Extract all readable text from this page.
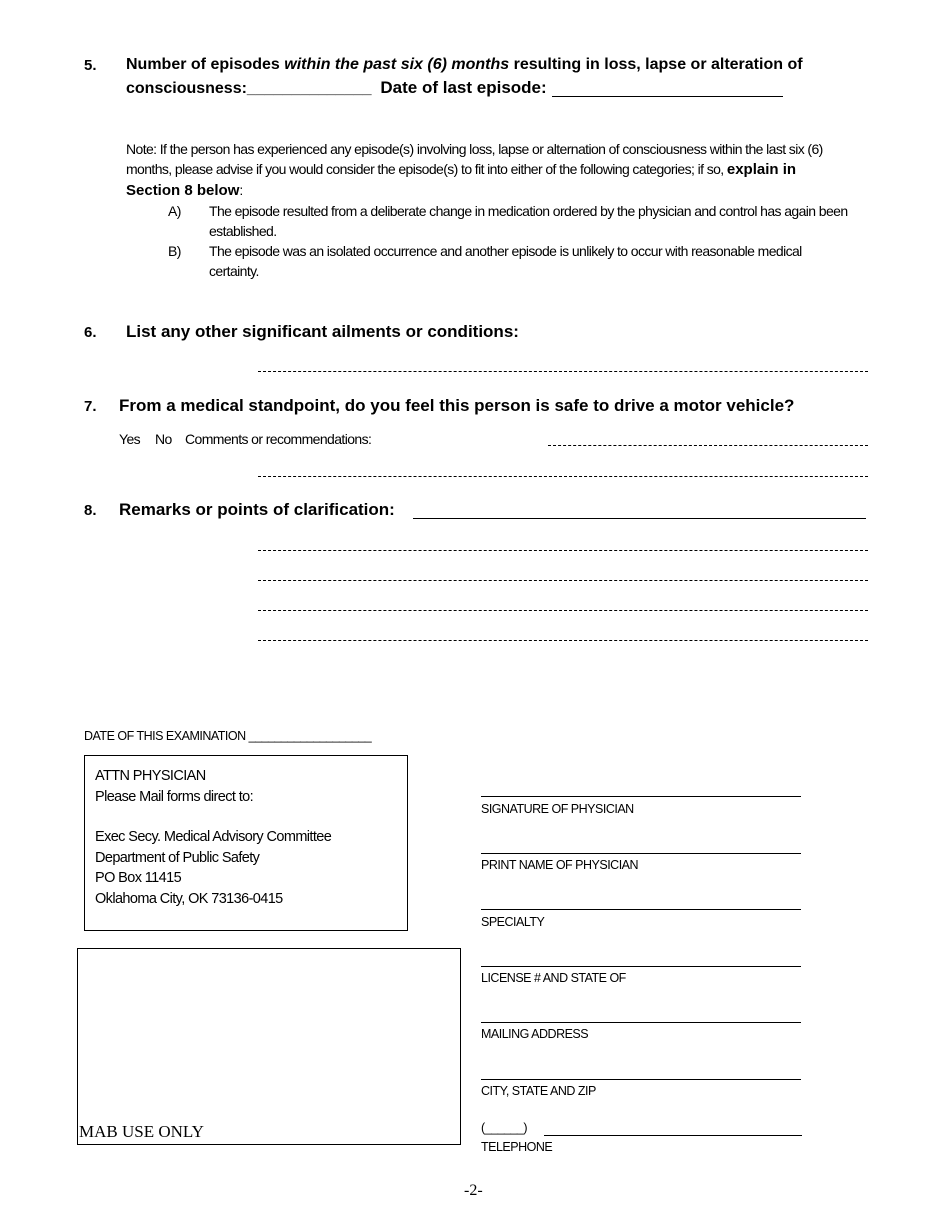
5. Number of episodes within the past six (6) months resulting in loss, lapse or alteration of
consciousness:______________ Date of last episode:
Note: If the person has experienced any episode(s) involving loss, lapse or alternation of consciousness within the last six (6) months, please advise if you would consider the episode(s) to fit into either of the following categories; if so, explain in Section 8 below:
A) The episode resulted from a deliberate change in medication ordered by the physician and control has again been established.
B) The episode was an isolated occurrence and another episode is unlikely to occur with reasonable medical certainty.
6. List any other significant ailments or conditions:
7. From a medical standpoint, do you feel this person is safe to drive a motor vehicle?
Yes No Comments or recommendations:
8. Remarks or points of clarification:
DATE OF THIS EXAMINATION ___________________
ATTN PHYSICIAN
Please Mail forms direct to:
Exec Secy. Medical Advisory Committee
Department of Public Safety
PO Box 11415
Oklahoma City, OK 73136-0415
MAB USE ONLY
SIGNATURE OF PHYSICIAN
PRINT NAME OF PHYSICIAN
SPECIALTY
LICENSE # AND STATE OF
MAILING ADDRESS
CITY, STATE AND ZIP
(______)
TELEPHONE
-2-
